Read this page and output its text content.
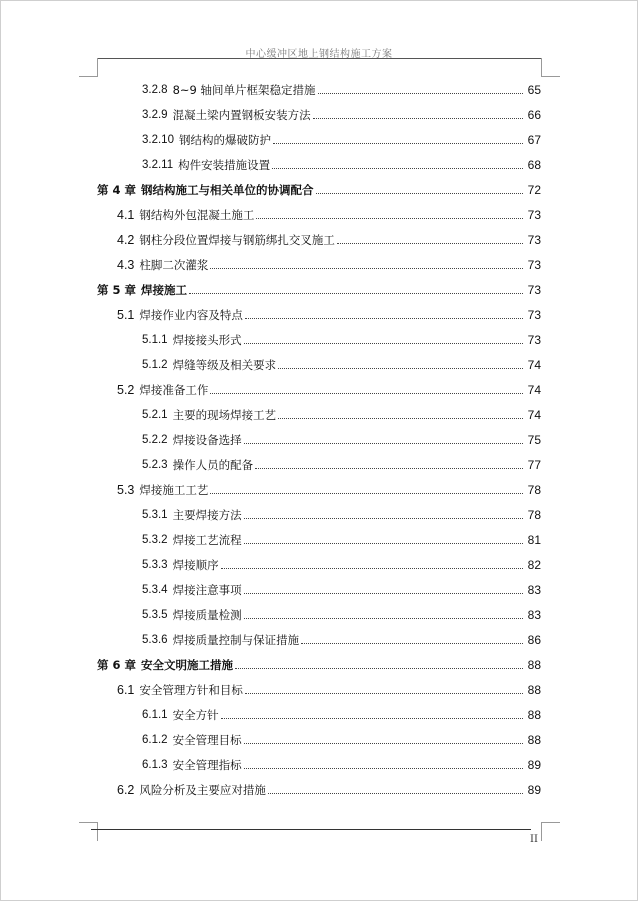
中心缓冲区地上钢结构施工方案
3.2.8 8~9 轴间单片框架稳定措施	65
3.2.9 混凝土梁内置钢板安装方法	66
3.2.10 钢结构的爆破防护	67
3.2.11 构件安装措施设置	68
第 4 章 钢结构施工与相关单位的协调配合	72
4.1 钢结构外包混凝土施工	73
4.2 钢柱分段位置焊接与钢筋绑扎交叉施工	73
4.3 柱脚二次灌浆	73
第 5 章 焊接施工	73
5.1 焊接作业内容及特点	73
5.1.1 焊接接头形式	73
5.1.2 焊缝等级及相关要求	74
5.2 焊接准备工作	74
5.2.1 主要的现场焊接工艺	74
5.2.2 焊接设备选择	75
5.2.3 操作人员的配备	77
5.3 焊接施工工艺	78
5.3.1 主要焊接方法	78
5.3.2 焊接工艺流程	81
5.3.3 焊接顺序	82
5.3.4 焊接注意事项	83
5.3.5 焊接质量检测	83
5.3.6 焊接质量控制与保证措施	86
第 6 章 安全文明施工措施	88
6.1 安全管理方针和目标	88
6.1.1 安全方针	88
6.1.2 安全管理目标	88
6.1.3 安全管理指标	89
6.2 风险分析及主要应对措施	89
II
